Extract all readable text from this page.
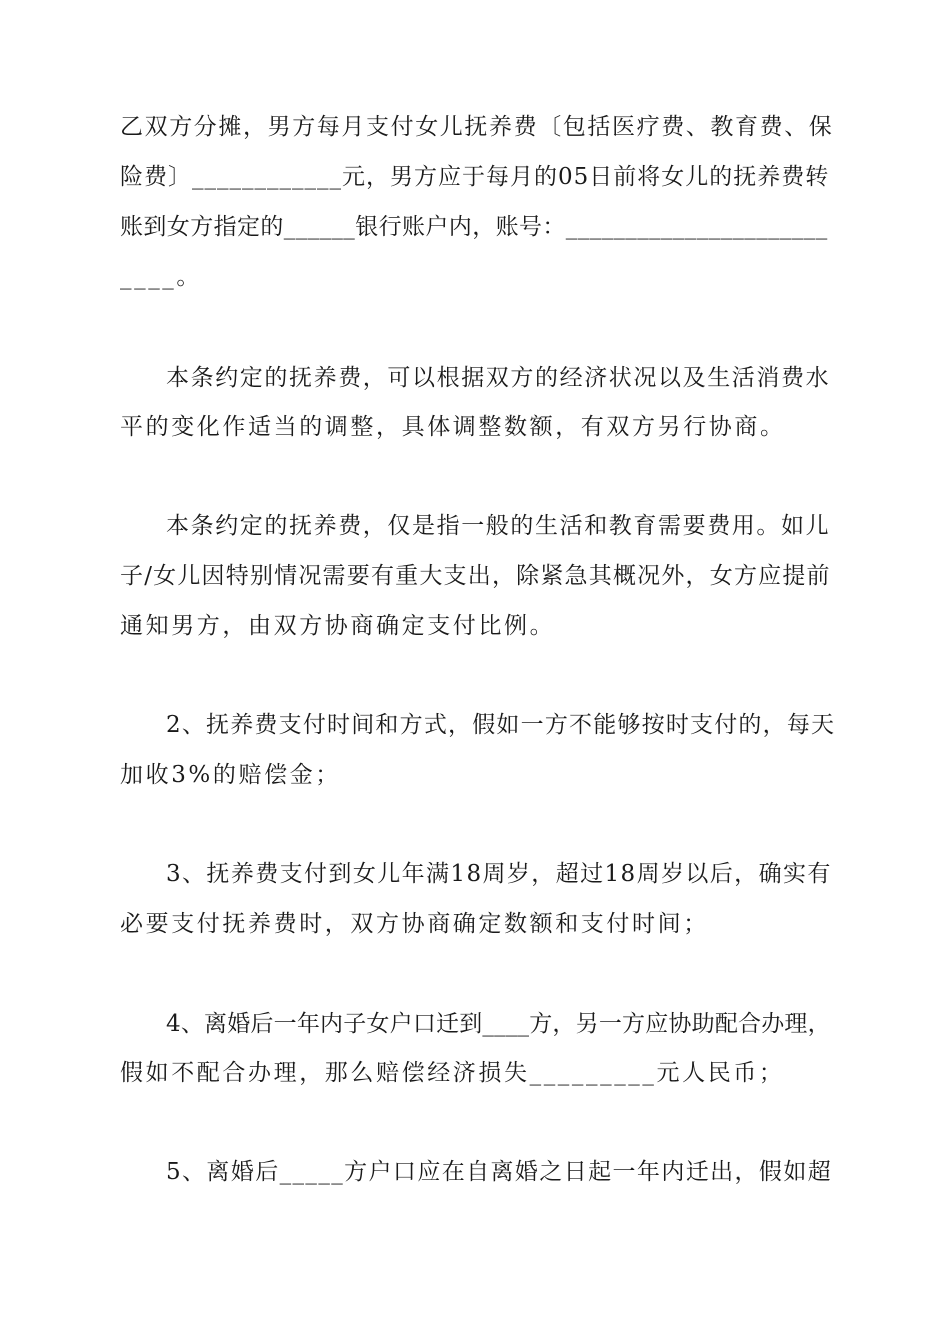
乙双方分摊，男方每月支付女儿抚养费〔包括医疗费、教育费、保
险费〕____________元，男方应于每月的05日前将女儿的抚养费转
账到女方指定的______银行账户内，账号：______________________
____。
本条约定的抚养费，可以根据双方的经济状况以及生活消费水
平的变化作适当的调整，具体调整数额，有双方另行协商。
本条约定的抚养费，仅是指一般的生活和教育需要费用。如儿
子/女儿因特别情况需要有重大支出，除紧急其概况外，女方应提前
通知男方，由双方协商确定支付比例。
2、抚养费支付时间和方式，假如一方不能够按时支付的，每天
加收3%的赔偿金；
3、抚养费支付到女儿年满18周岁，超过18周岁以后，确实有
必要支付抚养费时，双方协商确定数额和支付时间；
4、离婚后一年内子女户口迁到____方，另一方应协助配合办理，
假如不配合办理，那么赔偿经济损失_________元人民币；
5、离婚后_____方户口应在自离婚之日起一年内迁出，假如超
